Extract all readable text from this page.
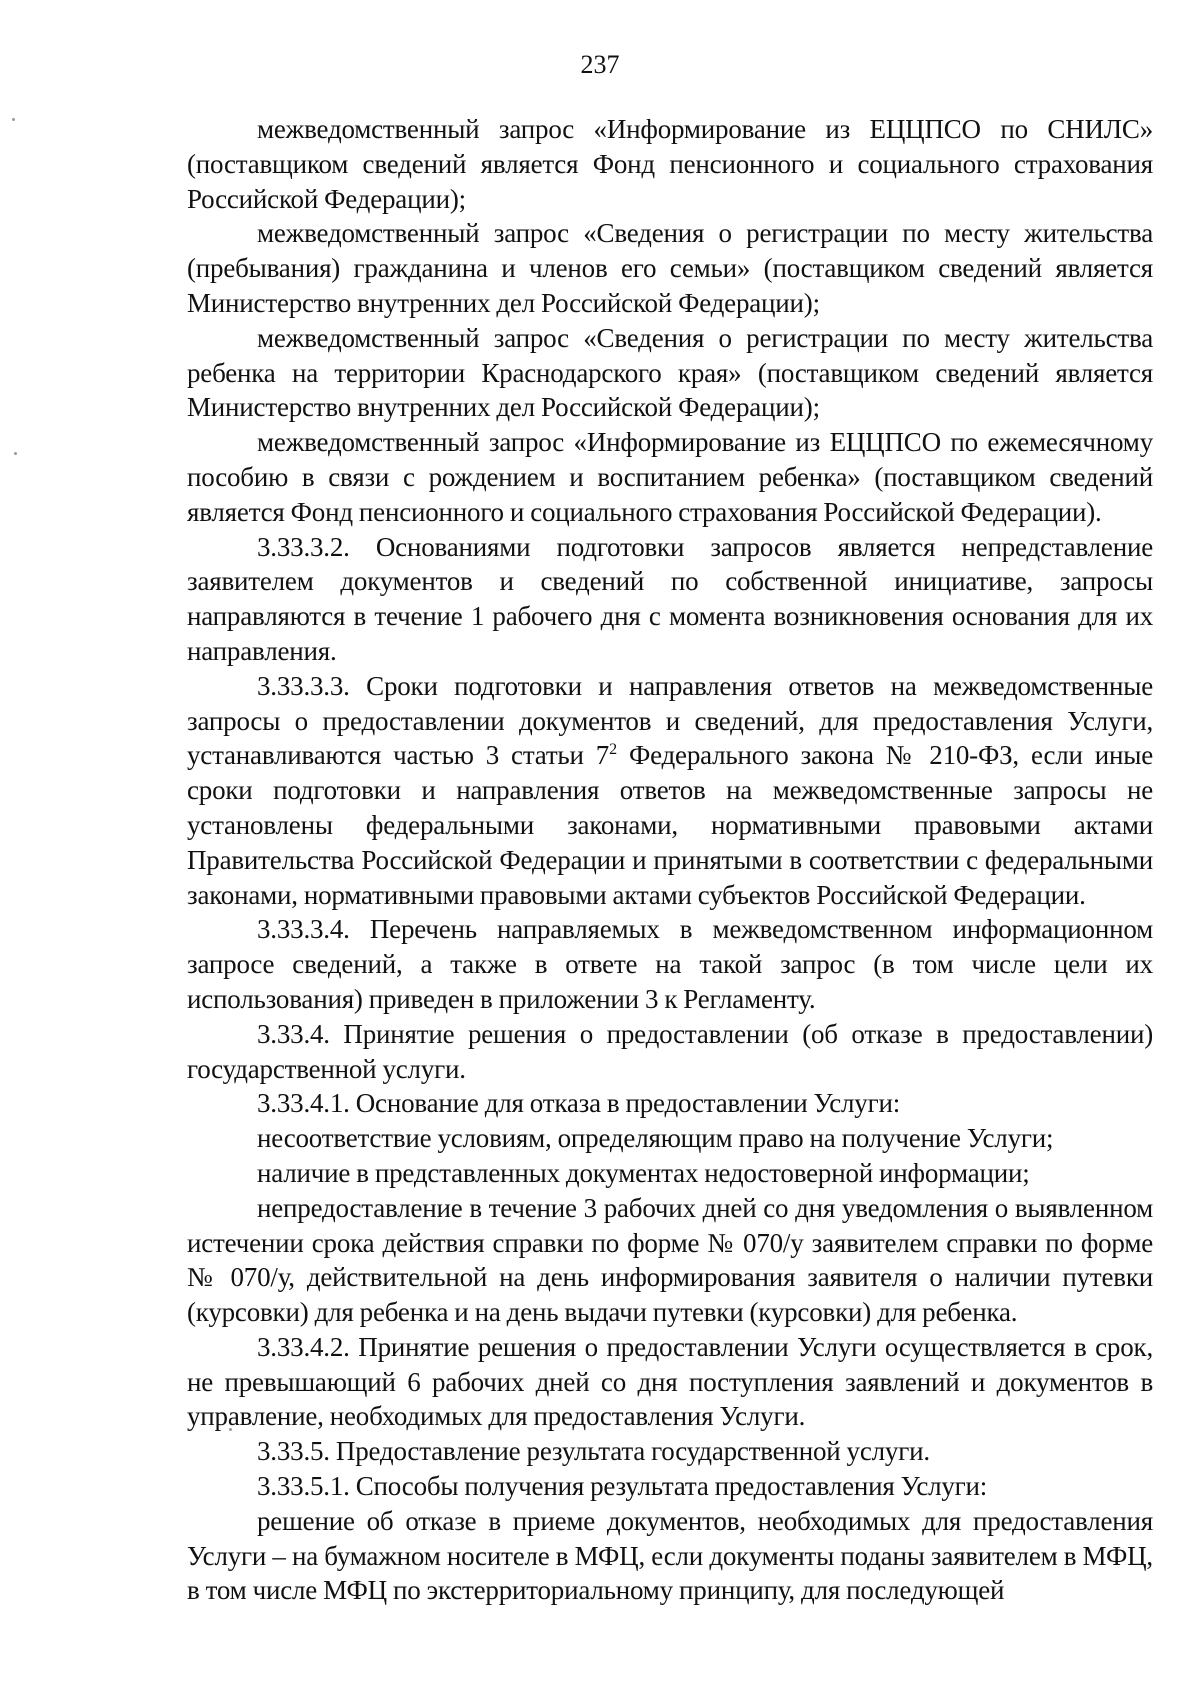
237

межведомственный запрос «Информирование из ЕЦЦПСО по СНИЛС» (поставщиком сведений является Фонд пенсионного и социального страхования Российской Федерации);

межведомственный запрос «Сведения о регистрации по месту жительства (пребывания) гражданина и членов его семьи» (поставщиком сведений является Министерство внутренних дел Российской Федерации);

межведомственный запрос «Сведения о регистрации по месту жительства ребенка на территории Краснодарского края» (поставщиком сведений является Министерство внутренних дел Российской Федерации);

межведомственный запрос «Информирование из ЕЦЦПСО по ежемесячному пособию в связи с рождением и воспитанием ребенка» (поставщиком сведений является Фонд пенсионного и социального страхования Российской Федерации).

3.33.3.2. Основаниями подготовки запросов является непредставление заявителем документов и сведений по собственной инициативе, запросы направляются в течение 1 рабочего дня с момента возникновения основания для их направления.

3.33.3.3. Сроки подготовки и направления ответов на межведомственные запросы о предоставлении документов и сведений, для предоставления Услуги, устанавливаются частью 3 статьи $7^2$ Федерального закона № 210-ФЗ, если иные сроки подготовки и направления ответов на межведомственные запросы не установлены федеральными законами, нормативными правовыми актами Правительства Российской Федерации и принятыми в соответствии с федеральными законами, нормативными правовыми актами субъектов Российской Федерации.

3.33.3.4. Перечень направляемых в межведомственном информационном запросе сведений, а также в ответе на такой запрос (в том числе цели их использования) приведен в приложении 3 к Регламенту.

3.33.4. Принятие решения о предоставлении (об отказе в предоставлении) государственной услуги.

3.33.4.1. Основание для отказа в предоставлении Услуги:

несоответствие условиям, определяющим право на получение Услуги;

наличие в представленных документах недостоверной информации;

непредоставление в течение 3 рабочих дней со дня уведомления о выявленном истечении срока действия справки по форме № 070/у заявителем справки по форме № 070/у, действительной на день информирования заявителя о наличии путевки (курсовки) для ребенка и на день выдачи путевки (курсовки) для ребенка.

3.33.4.2. Принятие решения о предоставлении Услуги осуществляется в срок, не превышающий 6 рабочих дней со дня поступления заявлений и документов в управление, необходимых для предоставления Услуги.

3.33.5. Предоставление результата государственной услуги.

3.33.5.1. Способы получения результата предоставления Услуги:

решение об отказе в приеме документов, необходимых для предоставления Услуги – на бумажном носителе в МФЦ, если документы поданы заявителем в МФЦ, в том числе МФЦ по экстерриториальному принципу, для последующей
